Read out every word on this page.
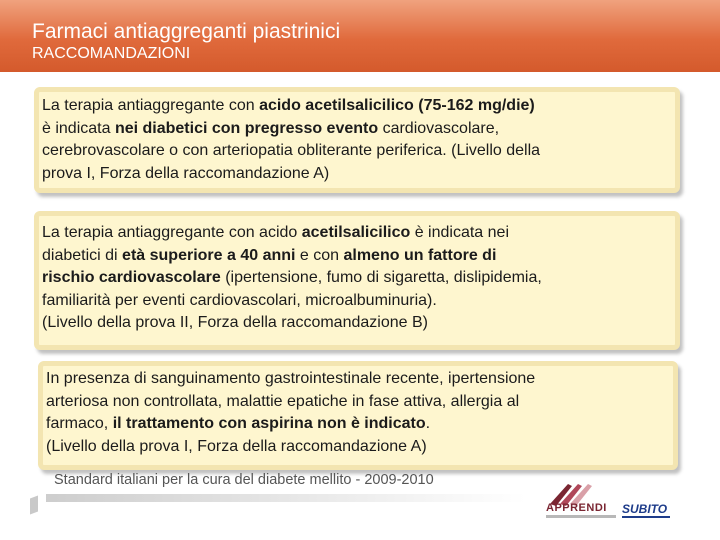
Farmaci antiaggreganti piastrinici
RACCOMANDAZIONI

La terapia antiaggregante con acido acetilsalicilico (75‑162 mg/die)

è indicata nei diabetici con pregresso evento cardiovascolare,

cerebrovascolare o con arteriopatia obliterante periferica. (Livello della

prova I, Forza della raccomandazione A)

La terapia antiaggregante con acido acetilsalicilico è indicata nei

diabetici di età superiore a 40 anni e con almeno un fattore di

rischio cardiovascolare (ipertensione, fumo di sigaretta, dislipidemia,

familiarità per eventi cardiovascolari, microalbuminuria).

(Livello della prova II, Forza della raccomandazione B)

In presenza di sanguinamento gastrointestinale recente, ipertensione

arteriosa non controllata, malattie epatiche in fase attiva, allergia al

farmaco, il trattamento con aspirina non è indicato.

(Livello della prova I, Forza della raccomandazione A)

Standard italiani per la cura del diabete mellito - 2009-2010

APPRENDI SUBITO
